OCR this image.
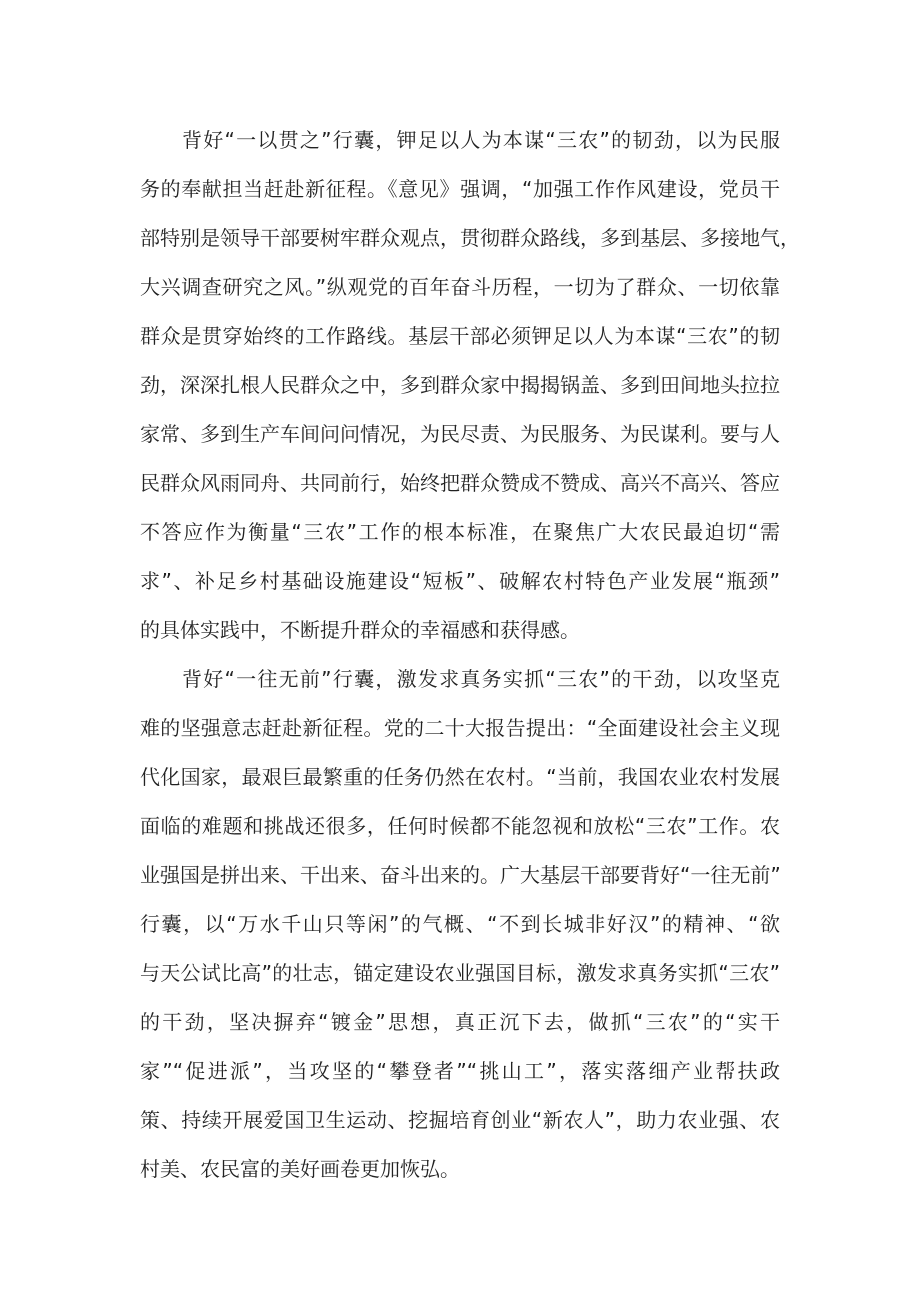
背好“一以贯之”行囊，钾足以人为本谋“三农”的韧劲，以为民服
务的奉献担当赶赴新征程。《意见》强调，“加强工作作风建设，党员干
部特别是领导干部要树牢群众观点，贯彻群众路线，多到基层、多接地气，
大兴调查研究之风。”纵观党的百年奋斗历程，一切为了群众、一切依靠
群众是贯穿始终的工作路线。基层干部必须钾足以人为本谋“三农”的韧
劲，深深扎根人民群众之中，多到群众家中揭揭锅盖、多到田间地头拉拉
家常、多到生产车间问问情况，为民尽责、为民服务、为民谋利。要与人
民群众风雨同舟、共同前行，始终把群众赞成不赞成、高兴不高兴、答应
不答应作为衡量“三农”工作的根本标准，在聚焦广大农民最迫切“需
求”、补足乡村基础设施建设“短板”、破解农村特色产业发展“瓶颈”
的具体实践中，不断提升群众的幸福感和获得感。
背好“一往无前”行囊，激发求真务实抓“三农”的干劲，以攻坚克
难的坚强意志赶赴新征程。党的二十大报告提出：“全面建设社会主义现
代化国家，最艰巨最繁重的任务仍然在农村。“当前，我国农业农村发展
面临的难题和挑战还很多，任何时候都不能忽视和放松“三农”工作。农
业强国是拼出来、干出来、奋斗出来的。广大基层干部要背好“一往无前”
行囊，以“万水千山只等闲”的气概、“不到长城非好汉”的精神、“欲
与天公试比高”的壮志，锚定建设农业强国目标，激发求真务实抓“三农”
的干劲，坚决摒弃“镀金”思想，真正沉下去，做抓“三农”的“实干
家”“促进派”，当攻坚的“攀登者”“挑山工”，落实落细产业帮扶政
策、持续开展爱国卫生运动、挖掘培育创业“新农人”，助力农业强、农
村美、农民富的美好画卷更加恢弘。
